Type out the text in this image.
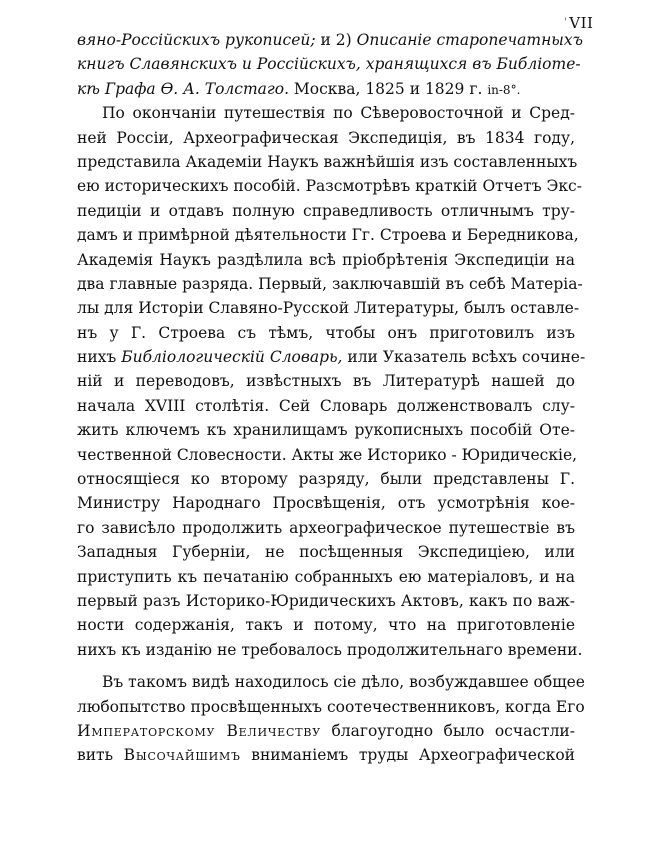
' VII
вяно-Россійскихъ рукописей; и 2) Описаніе старопечатныхъ
книгъ Славянскихъ и Россійскихъ, хранящихся въ Библіоте-
кѣ Графа Ѳ. А. Толстаго. Москва, 1825 и 1829 г. in-8°.
По окончаніи путешествія по Сѣверовосточной и Сред-
ней Россіи, Археографическая Экспедиція, въ 1834 году,
представила Академіи Наукъ важнѣйшія изъ составленныхъ
ею историческихъ пособій. Разсмотрѣвъ краткій Отчетъ Экс-
педиціи и отдавъ полную справедливость отличнымъ тру-
дамъ и примѣрной дѣятельности Гг. Строева и Бередникова,
Академія Наукъ раздѣлила всѣ пріобрѣтенія Экспедиціи на
два главные разряда. Первый, заключавшій въ себѣ Матеріа-
лы для Исторіи Славяно-Русской Литературы, былъ оставле-
нъ у Г. Строева съ тѣмъ, чтобы онъ приготовилъ изъ
нихъ Библіологическій Словарь, или Указатель всѣхъ сочине-
ній и переводовъ, извѣстныхъ въ Литературѣ нашей до
начала XVIII столѣтія. Сей Словарь долженствовалъ слу-
жить ключемъ къ хранилищамъ рукописныхъ пособій Оте-
чественной Словесности. Акты же Историко - Юридическіе,
относящіеся ко второму разряду, были представлены Г.
Министру Народнаго Просвѣщенія, отъ усмотрѣнія кое-
го зависѣло продолжить археографическое путешествіе въ
Западныя Губерніи, не посѣщенныя Экспедиціею, или
приступить къ печатанію собранныхъ ею матеріаловъ, и на
первый разъ Историко-Юридическихъ Актовъ, какъ по важ-
ности содержанія, такъ и потому, что на приготовленіе
нихъ къ изданію не требовалось продолжительнаго времени.
Въ такомъ видѣ находилось сіе дѣло, возбуждавшее общее
любопытство просвѣщенныхъ соотечественниковъ, когда Его
Императорскому Величеству благоугодно было осчастли-
вить Высочайшимъ вниманіемъ труды Археографической
